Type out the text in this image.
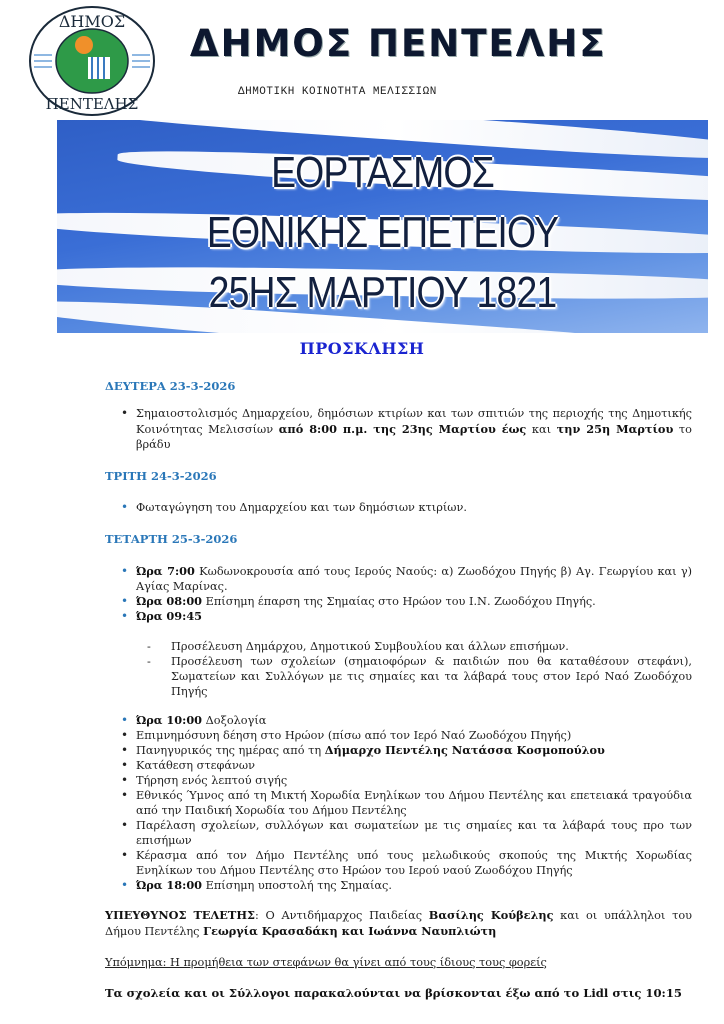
ΔΗΜΟΣ
ΠΕΝΤΕΛΗΣ
ΔΗΜΟΣ ΠΕΝΤΕΛΗΣ
ΔΗΜΟΤΙΚΗ ΚΟΙΝΟΤΗΤΑ ΜΕΛΙΣΣΙΩΝ
ΕΟΡΤΑΣΜΟΣ
ΕΘΝΙΚΗΣ ΕΠΕΤΕΙΟΥ
25ΗΣ ΜΑΡΤΙΟΥ 1821
ΠΡΟΣΚΛΗΣΗ
ΔΕΥΤΕΡΑ 23-3-2026
• Σημαιοστολισμός Δημαρχείου, δημόσιων κτιρίων και των σπιτιών της περιοχής της Δημοτικής Κοινότητας Μελισσίων από 8:00 π.μ. της 23ης Μαρτίου έως και την 25η Μαρτίου το βράδυ
ΤΡΙΤΗ 24-3-2026
• Φωταγώγηση του Δημαρχείου και των δημόσιων κτιρίων.
ΤΕΤΑΡΤΗ 25-3-2026
• Ώρα 7:00 Κωδωνοκρουσία από τους Ιερούς Ναούς: α) Ζωοδόχου Πηγής β) Αγ. Γεωργίου και γ) Αγίας Μαρίνας.
• Ώρα 08:00 Επίσημη έπαρση της Σημαίας στο Ηρώον του Ι.Ν. Ζωοδόχου Πηγής.
• Ώρα 09:45
- Προσέλευση Δημάρχου, Δημοτικού Συμβουλίου και άλλων επισήμων.
- Προσέλευση των σχολείων (σημαιοφόρων & παιδιών που θα καταθέσουν στεφάνι), Σωματείων και Συλλόγων με τις σημαίες και τα λάβαρά τους στον Ιερό Ναό Ζωοδόχου Πηγής
• Ώρα 10:00 Δοξολογία
• Επιμνημόσυνη δέηση στο Ηρώον (πίσω από τον Ιερό Ναό Ζωοδόχου Πηγής)
• Πανηγυρικός της ημέρας από τη Δήμαρχο Πεντέλης Νατάσσα Κοσμοπούλου
• Κατάθεση στεφάνων
• Τήρηση ενός λεπτού σιγής
• Εθνικός Ύμνος από τη Μικτή Χορωδία Ενηλίκων του Δήμου Πεντέλης και επετειακά τραγούδια από την Παιδική Χορωδία του Δήμου Πεντέλης
• Παρέλαση σχολείων, συλλόγων και σωματείων με τις σημαίες και τα λάβαρά τους προ των επισήμων
• Κέρασμα από τον Δήμο Πεντέλης υπό τους μελωδικούς σκοπούς της Μικτής Χορωδίας Ενηλίκων του Δήμου Πεντέλης στο Ηρώον του Ιερού ναού Ζωοδόχου Πηγής
• Ώρα 18:00 Επίσημη υποστολή της Σημαίας.
ΥΠΕΥΘΥΝΟΣ ΤΕΛΕΤΗΣ: Ο Αντιδήμαρχος Παιδείας Βασίλης Κούβελης και οι υπάλληλοι του Δήμου Πεντέλης Γεωργία Κρασαδάκη και Ιωάννα Ναυπλιώτη
Υπόμνημα: Η προμήθεια των στεφάνων θα γίνει από τους ίδιους τους φορείς
Τα σχολεία και οι Σύλλογοι παρακαλούνται να βρίσκονται έξω από το Lidl στις 10:15
